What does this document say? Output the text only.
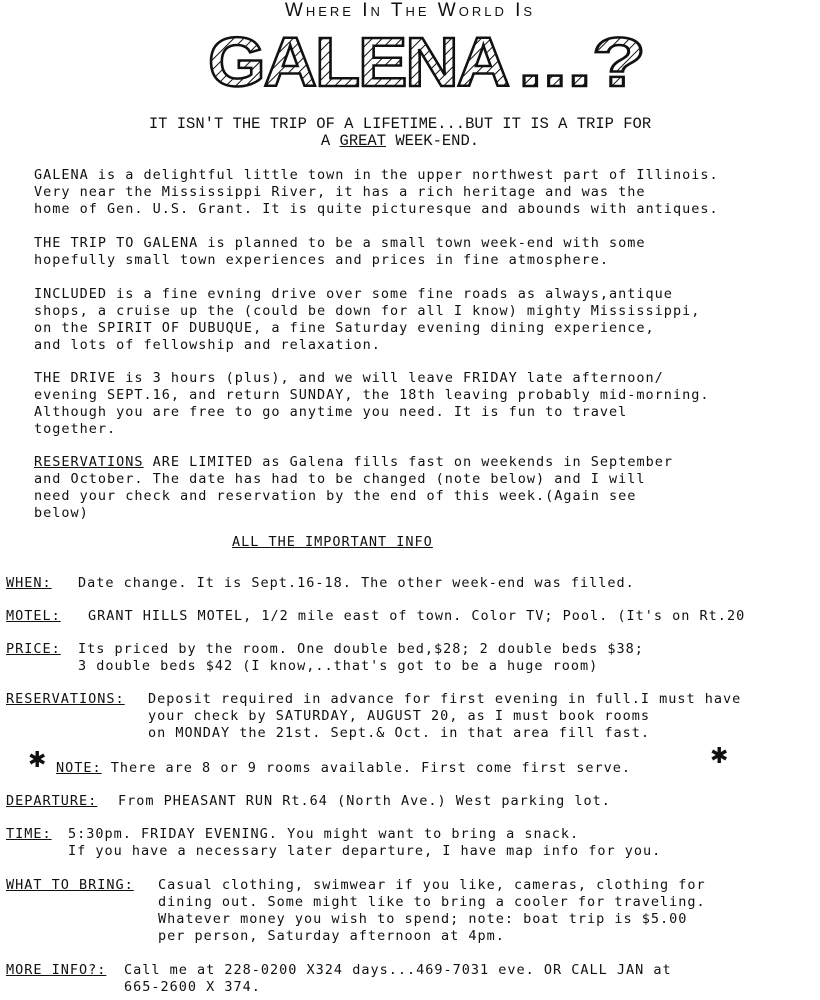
Where In The World Is
GALENA ...?
IT ISN'T THE TRIP OF A LIFETIME...BUT IT IS A TRIP FOR
A GREAT WEEK-END.
GALENA is a delightful little town in the upper northwest part of Illinois.
Very near the Mississippi River, it has a rich heritage and was the
home of Gen. U.S. Grant. It is quite picturesque and abounds with antiques.
THE TRIP TO GALENA is planned to be a small town week-end with some
hopefully small town experiences and prices in fine atmosphere.
INCLUDED is a fine evning drive over some fine roads as always,antique
shops, a cruise up the (could be down for all I know) mighty Mississippi,
on the SPIRIT OF DUBUQUE, a fine Saturday evening dining experience,
and lots of fellowship and relaxation.
THE DRIVE is 3 hours (plus), and we will leave FRIDAY late afternoon/
evening SEPT.16, and return SUNDAY, the 18th leaving probably mid-morning.
Although you are free to go anytime you need. It is fun to travel
together.
RESERVATIONS ARE LIMITED as Galena fills fast on weekends in September
and October. The date has had to be changed (note below) and I will
need your check and reservation by the end of this week.(Again see
below)
ALL THE IMPORTANT INFO
WHEN: Date change. It is Sept.16-18. The other week-end was filled.
MOTEL: GRANT HILLS MOTEL, 1/2 mile east of town. Color TV; Pool. (It's on Rt.20
PRICE: Its priced by the room. One double bed,$28; 2 double beds $38;
3 double beds $42 (I know,..that's got to be a huge room)
RESERVATIONS: Deposit required in advance for first evening in full.I must have
your check by SATURDAY, AUGUST 20, as I must book rooms
on MONDAY the 21st. Sept.& Oct. in that area fill fast.
✱ NOTE: There are 8 or 9 rooms available. First come first serve.	✱
DEPARTURE: From PHEASANT RUN Rt.64 (North Ave.) West parking lot.
TIME: 5:30pm. FRIDAY EVENING. You might want to bring a snack.
If you have a necessary later departure, I have map info for you.
WHAT TO BRING: Casual clothing, swimwear if you like, cameras, clothing for
dining out. Some might like to bring a cooler for traveling.
Whatever money you wish to spend; note: boat trip is $5.00
per person, Saturday afternoon at 4pm.
MORE INFO?: Call me at 228-0200 X324 days...469-7031 eve. OR CALL JAN at
665-2600 X 374.
